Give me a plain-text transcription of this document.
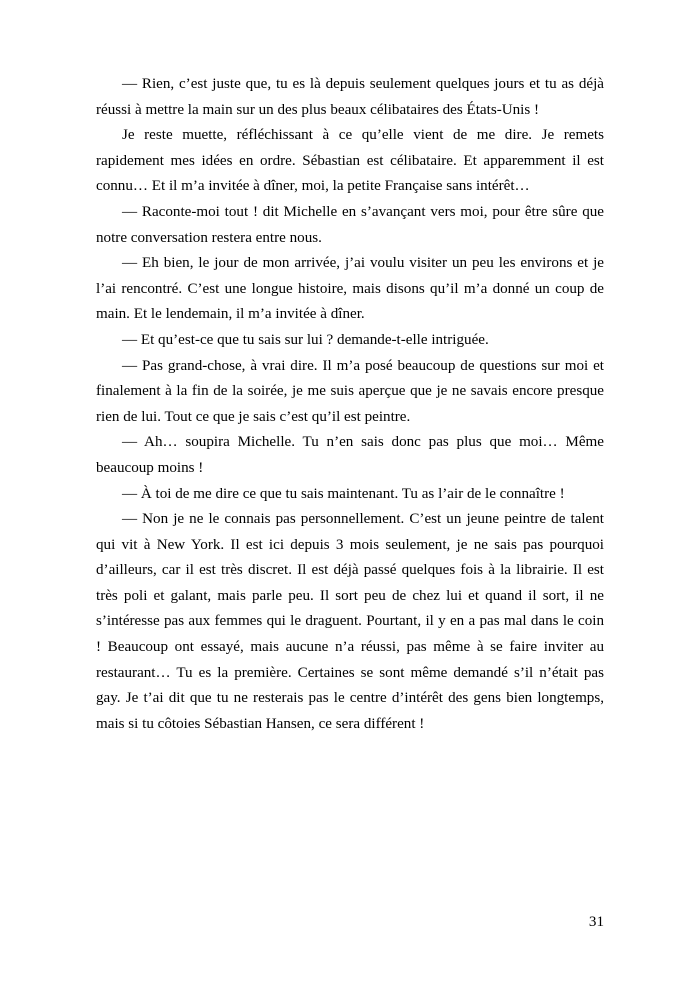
— Rien, c’est juste que, tu es là depuis seulement quelques jours et tu as déjà réussi à mettre la main sur un des plus beaux célibataires des États-Unis !

Je reste muette, réfléchissant à ce qu’elle vient de me dire. Je remets rapidement mes idées en ordre. Sébastian est célibataire. Et apparemment il est connu… Et il m’a invitée à dîner, moi, la petite Française sans intérêt…

— Raconte-moi tout ! dit Michelle en s’avançant vers moi, pour être sûre que notre conversation restera entre nous.

— Eh bien, le jour de mon arrivée, j’ai voulu visiter un peu les environs et je l’ai rencontré. C’est une longue histoire, mais disons qu’il m’a donné un coup de main. Et le lendemain, il m’a invitée à dîner.

— Et qu’est-ce que tu sais sur lui ? demande-t-elle intriguée.

— Pas grand-chose, à vrai dire. Il m’a posé beaucoup de questions sur moi et finalement à la fin de la soirée, je me suis aperçue que je ne savais encore presque rien de lui. Tout ce que je sais c’est qu’il est peintre.

— Ah… soupira Michelle. Tu n’en sais donc pas plus que moi… Même beaucoup moins !

— À toi de me dire ce que tu sais maintenant. Tu as l’air de le connaître !

— Non je ne le connais pas personnellement. C’est un jeune peintre de talent qui vit à New York. Il est ici depuis 3 mois seulement, je ne sais pas pourquoi d’ailleurs, car il est très discret. Il est déjà passé quelques fois à la librairie. Il est très poli et galant, mais parle peu. Il sort peu de chez lui et quand il sort, il ne s’intéresse pas aux femmes qui le draguent. Pourtant, il y en a pas mal dans le coin ! Beaucoup ont essayé, mais aucune n’a réussi, pas même à se faire inviter au restaurant… Tu es la première. Certaines se sont même demandé s’il n’était pas gay. Je t’ai dit que tu ne resterais pas le centre d’intérêt des gens bien longtemps, mais si tu côtoies Sébastian Hansen, ce sera différent !

31
